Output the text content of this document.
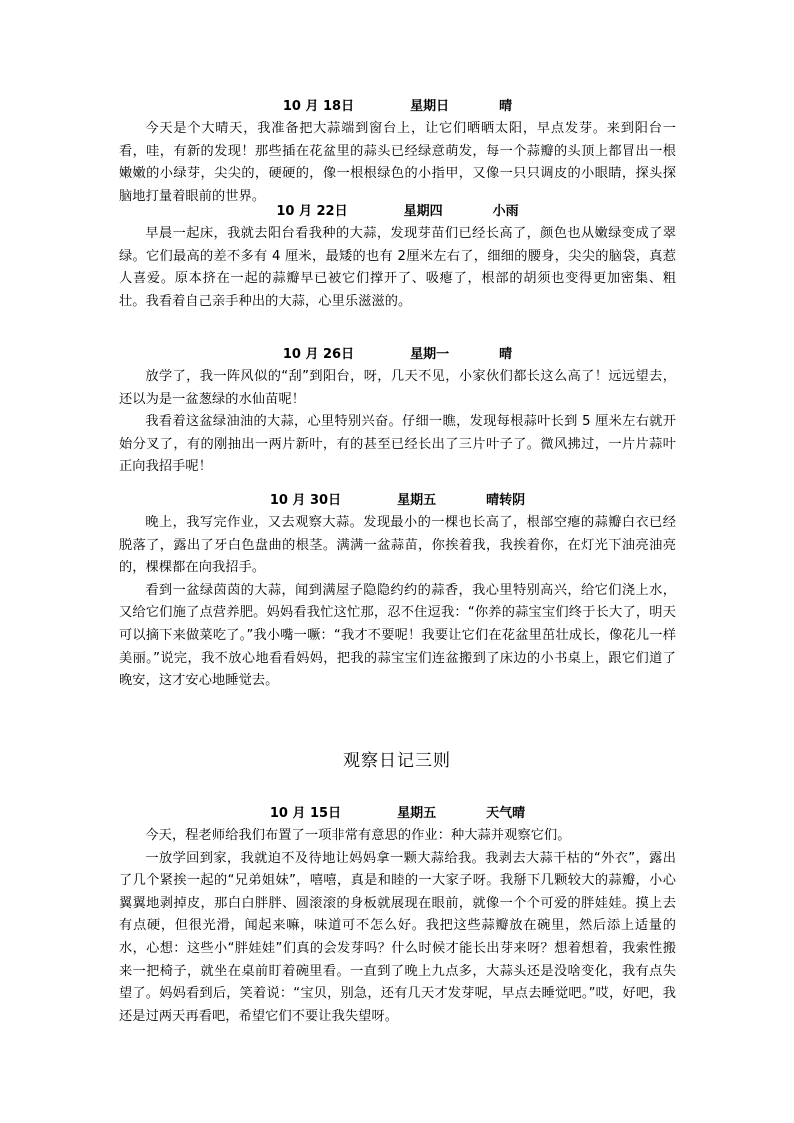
10 月 18日	星期日	晴

今天是个大晴天，我准备把大蒜端到窗台上，让它们晒晒太阳，早点发芽。来到阳台一看，哇，有新的发现！那些插在花盆里的蒜头已经绿意萌发，每一个蒜瓣的头顶上都冒出一根嫩嫩的小绿芽，尖尖的，硬硬的，像一根根绿色的小指甲，又像一只只调皮的小眼睛，探头探脑地打量着眼前的世界。

10 月 22日	星期四	小雨

早晨一起床，我就去阳台看我种的大蒜，发现芽苗们已经长高了，颜色也从嫩绿变成了翠绿。它们最高的差不多有 4 厘米，最矮的也有 2厘米左右了，细细的腰身，尖尖的脑袋，真惹人喜爱。原本挤在一起的蒜瓣早已被它们撑开了、吸瘪了，根部的胡须也变得更加密集、粗壮。我看着自己亲手种出的大蒜，心里乐滋滋的。

10 月 26日	星期一	晴

放学了，我一阵风似的“刮”到阳台，呀，几天不见，小家伙们都长这么高了！远远望去，还以为是一盆葱绿的水仙苗呢！

我看着这盆绿油油的大蒜，心里特别兴奋。仔细一瞧，发现每根蒜叶长到 5 厘米左右就开始分叉了，有的刚抽出一两片新叶，有的甚至已经长出了三片叶子了。微风拂过，一片片蒜叶正向我招手呢！

10 月 30日	星期五	晴转阴

晚上，我写完作业，又去观察大蒜。发现最小的一棵也长高了，根部空瘪的蒜瓣白衣已经脱落了，露出了牙白色盘曲的根茎。满满一盆蒜苗，你挨着我，我挨着你，在灯光下油亮油亮的，棵棵都在向我招手。

看到一盆绿茵茵的大蒜，闻到满屋子隐隐约约的蒜香，我心里特别高兴，给它们浇上水，又给它们施了点营养肥。妈妈看我忙这忙那，忍不住逗我：“你养的蒜宝宝们终于长大了，明天可以摘下来做菜吃了。”我小嘴一噘：“我才不要呢！我要让它们在花盆里茁壮成长，像花儿一样美丽。”说完，我不放心地看看妈妈，把我的蒜宝宝们连盆搬到了床边的小书桌上，跟它们道了晚安，这才安心地睡觉去。

观察日记三则
10 月 15日	星期五	天气晴

今天，程老师给我们布置了一项非常有意思的作业：种大蒜并观察它们。

一放学回到家，我就迫不及待地让妈妈拿一颗大蒜给我。我剥去大蒜干枯的“外衣”，露出了几个紧挨一起的“兄弟姐妹”，嘻嘻，真是和睦的一大家子呀。我掰下几颗较大的蒜瓣，小心翼翼地剥掉皮，那白白胖胖、圆滚滚的身板就展现在眼前，就像一个个可爱的胖娃娃。摸上去有点硬，但很光滑，闻起来嘛，味道可不怎么好。我把这些蒜瓣放在碗里，然后添上适量的水，心想：这些小“胖娃娃”们真的会发芽吗？什么时候才能长出芽来呀？想着想着，我索性搬来一把椅子，就坐在桌前盯着碗里看。一直到了晚上九点多，大蒜头还是没啥变化，我有点失望了。妈妈看到后，笑着说：“宝贝，别急，还有几天才发芽呢，早点去睡觉吧。”哎，好吧，我还是过两天再看吧，希望它们不要让我失望呀。
